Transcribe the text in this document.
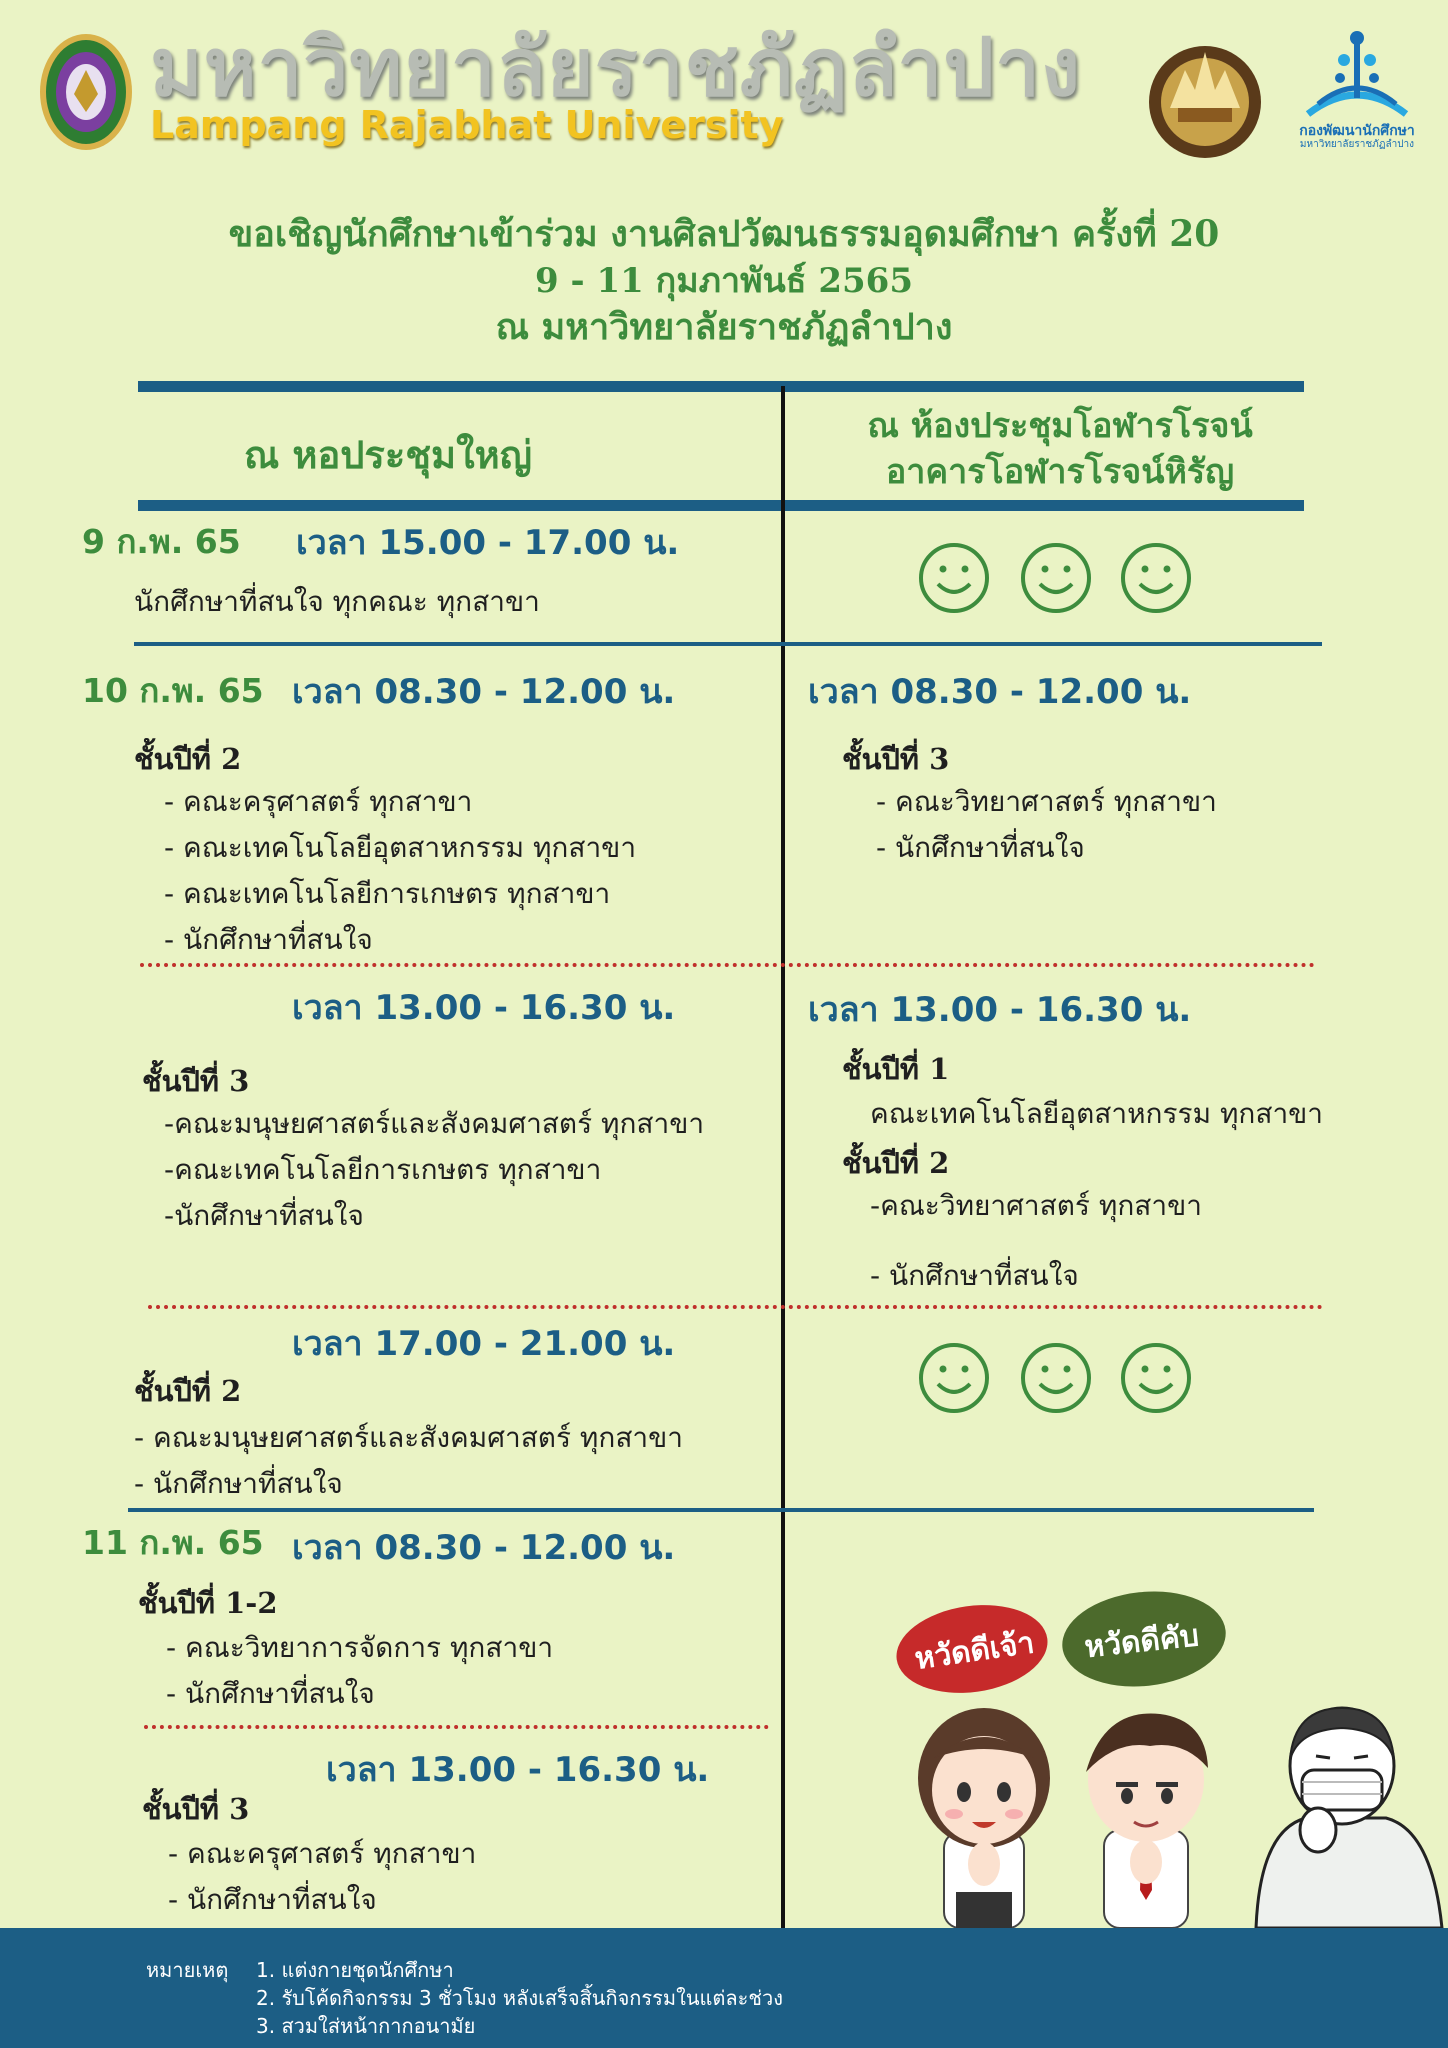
มหาวิทยาลัยราชภัฏลำปาง
Lampang Rajabhat University	กองพัฒนานักศึกษา
มหาวิทยาลัยราชภัฏลำปาง
ขอเชิญนักศึกษาเข้าร่วม งานศิลปวัฒนธรรมอุดมศึกษา ครั้งที่ 20
9 - 11 กุมภาพันธ์ 2565
ณ มหาวิทยาลัยราชภัฏลำปาง
ณ หอประชุมใหญ่
ณ ห้องประชุมโอฬารโรจน์
อาคารโอฬารโรจน์หิรัญ
9 ก.พ. 65 เวลา 15.00 - 17.00 น.
นักศึกษาที่สนใจ ทุกคณะ ทุกสาขา
10 ก.พ. 65 เวลา 08.30 - 12.00 น.
ชั้นปีที่ 2
- คณะครุศาสตร์ ทุกสาขา
- คณะเทคโนโลยีอุตสาหกรรม ทุกสาขา
- คณะเทคโนโลยีการเกษตร ทุกสาขา
- นักศึกษาที่สนใจ
เวลา 08.30 - 12.00 น.
ชั้นปีที่ 3
- คณะวิทยาศาสตร์ ทุกสาขา
- นักศึกษาที่สนใจ
เวลา 13.00 - 16.30 น.
ชั้นปีที่ 3
-คณะมนุษยศาสตร์และสังคมศาสตร์ ทุกสาขา
-คณะเทคโนโลยีการเกษตร ทุกสาขา
-นักศึกษาที่สนใจ
เวลา 13.00 - 16.30 น.
ชั้นปีที่ 1
คณะเทคโนโลยีอุตสาหกรรม ทุกสาขา
ชั้นปีที่ 2
-คณะวิทยาศาสตร์ ทุกสาขา
- นักศึกษาที่สนใจ
เวลา 17.00 - 21.00 น.
ชั้นปีที่ 2
- คณะมนุษยศาสตร์และสังคมศาสตร์ ทุกสาขา
- นักศึกษาที่สนใจ
11 ก.พ. 65 เวลา 08.30 - 12.00 น.
ชั้นปีที่ 1-2
- คณะวิทยาการจัดการ ทุกสาขา
- นักศึกษาที่สนใจ
เวลา 13.00 - 16.30 น.
ชั้นปีที่ 3
- คณะครุศาสตร์ ทุกสาขา
- นักศึกษาที่สนใจ
หวัดดีเจ้า หวัดดีคับ
หมายเหตุ 1. แต่งกายชุดนักศึกษา
2. รับโค้ดกิจกรรม 3 ชั่วโมง หลังเสร็จสิ้นกิจกรรมในแต่ละช่วง
3. สวมใส่หน้ากากอนามัย
